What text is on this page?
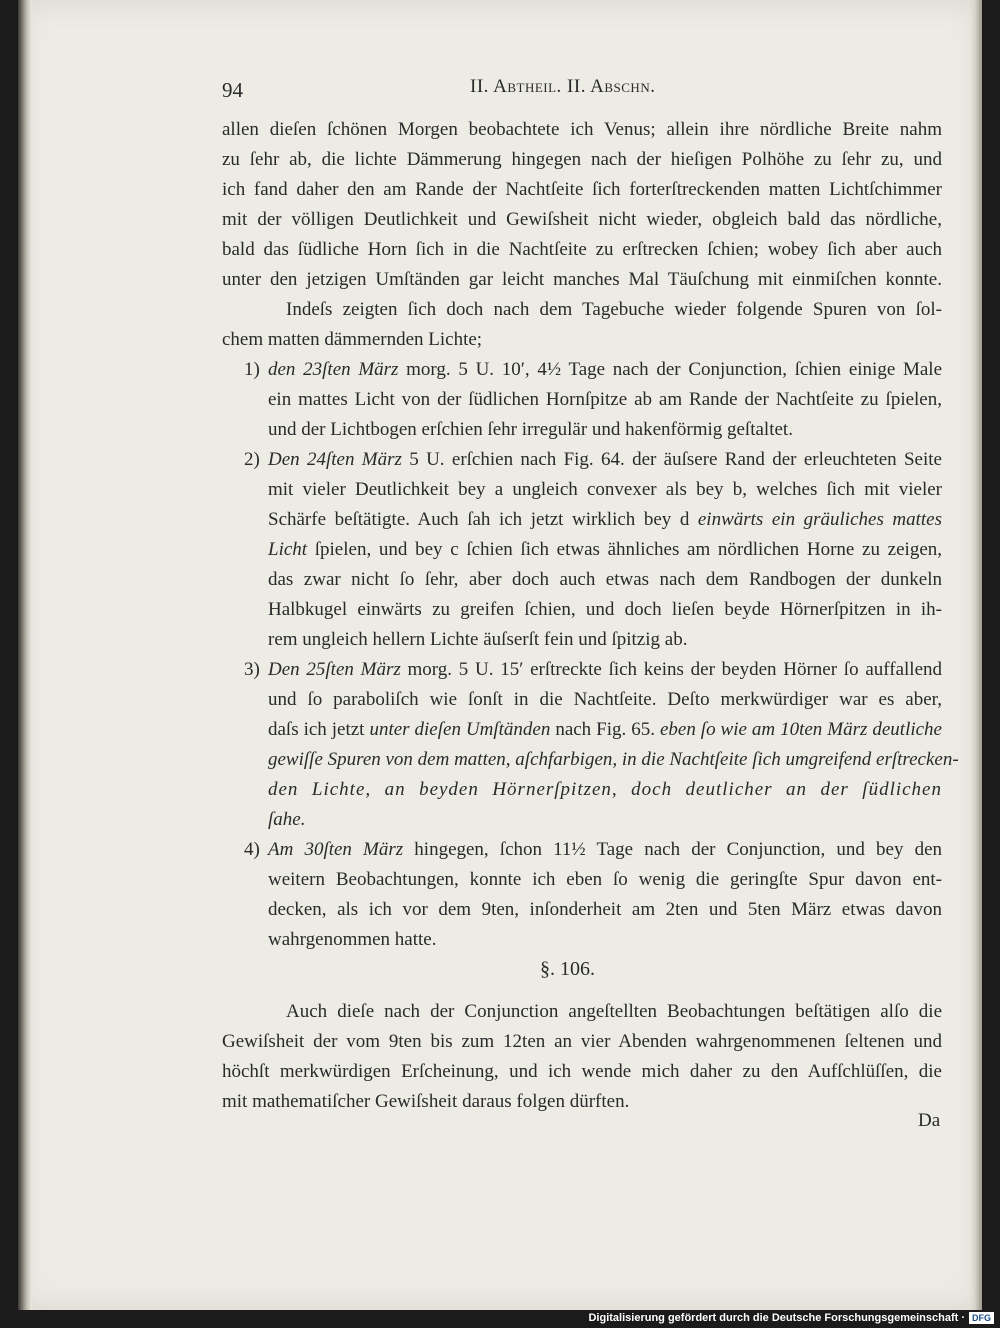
94	II. Abtheil. II. Abschn.
allen dieſen ſchönen Morgen beobachtete ich Venus; allein ihre nördliche Breite nahm
zu ſehr ab, die lichte Dämmerung hingegen nach der hieſigen Polhöhe zu ſehr zu, und
ich fand daher den am Rande der Nachtſeite ſich forterſtreckenden matten Lichtſchimmer
mit der völligen Deutlichkeit und Gewiſsheit nicht wieder, obgleich bald das nördliche,
bald das ſüdliche Horn ſich in die Nachtſeite zu erſtrecken ſchien; wobey ſich aber auch
unter den jetzigen Umſtänden gar leicht manches Mal Täuſchung mit einmiſchen konnte.
Indeſs zeigten ſich doch nach dem Tagebuche wieder folgende Spuren von ſol-
chem matten dämmernden Lichte;
1) den 23ſten März morg. 5 U. 10′, 4½ Tage nach der Conjunction, ſchien einige Male
ein mattes Licht von der ſüdlichen Hornſpitze ab am Rande der Nachtſeite zu ſpielen,
und der Lichtbogen erſchien ſehr irregulär und hakenförmig geſtaltet.
2) Den 24ſten März 5 U. erſchien nach Fig. 64. der äuſsere Rand der erleuchteten Seite
mit vieler Deutlichkeit bey a ungleich convexer als bey b, welches ſich mit vieler
Schärfe beſtätigte. Auch ſah ich jetzt wirklich bey d einwärts ein gräuliches mattes
Licht ſpielen, und bey c ſchien ſich etwas ähnliches am nördlichen Horne zu zeigen,
das zwar nicht ſo ſehr, aber doch auch etwas nach dem Randbogen der dunkeln
Halbkugel einwärts zu greifen ſchien, und doch lieſen beyde Hörnerſpitzen in ih-
rem ungleich hellern Lichte äuſserſt fein und ſpitzig ab.
3) Den 25ſten März morg. 5 U. 15′ erſtreckte ſich keins der beyden Hörner ſo auffallend
und ſo paraboliſch wie ſonſt in die Nachtſeite. Deſto merkwürdiger war es aber,
daſs ich jetzt unter dieſen Umſtänden nach Fig. 65. eben ſo wie am 10ten März deutliche
gewiſſe Spuren von dem matten, aſchfarbigen, in die Nachtſeite ſich umgreifend erſtrecken-
den Lichte, an beyden Hörnerſpitzen, doch deutlicher an der ſüdlichen
ſahe.
4) Am 30ſten März hingegen, ſchon 11½ Tage nach der Conjunction, und bey den
weitern Beobachtungen, konnte ich eben ſo wenig die geringſte Spur davon ent-
decken, als ich vor dem 9ten, inſonderheit am 2ten und 5ten März etwas davon
wahrgenommen hatte.
§. 106.
Auch dieſe nach der Conjunction angeſtellten Beobachtungen beſtätigen alſo die
Gewiſsheit der vom 9ten bis zum 12ten an vier Abenden wahrgenommenen ſeltenen und
höchſt merkwürdigen Erſcheinung, und ich wende mich daher zu den Aufſchlüſſen, die
mit mathematiſcher Gewiſsheit daraus folgen dürften.
Da
Digitalisierung gefördert durch die Deutsche Forschungsgemeinschaft · DFG
